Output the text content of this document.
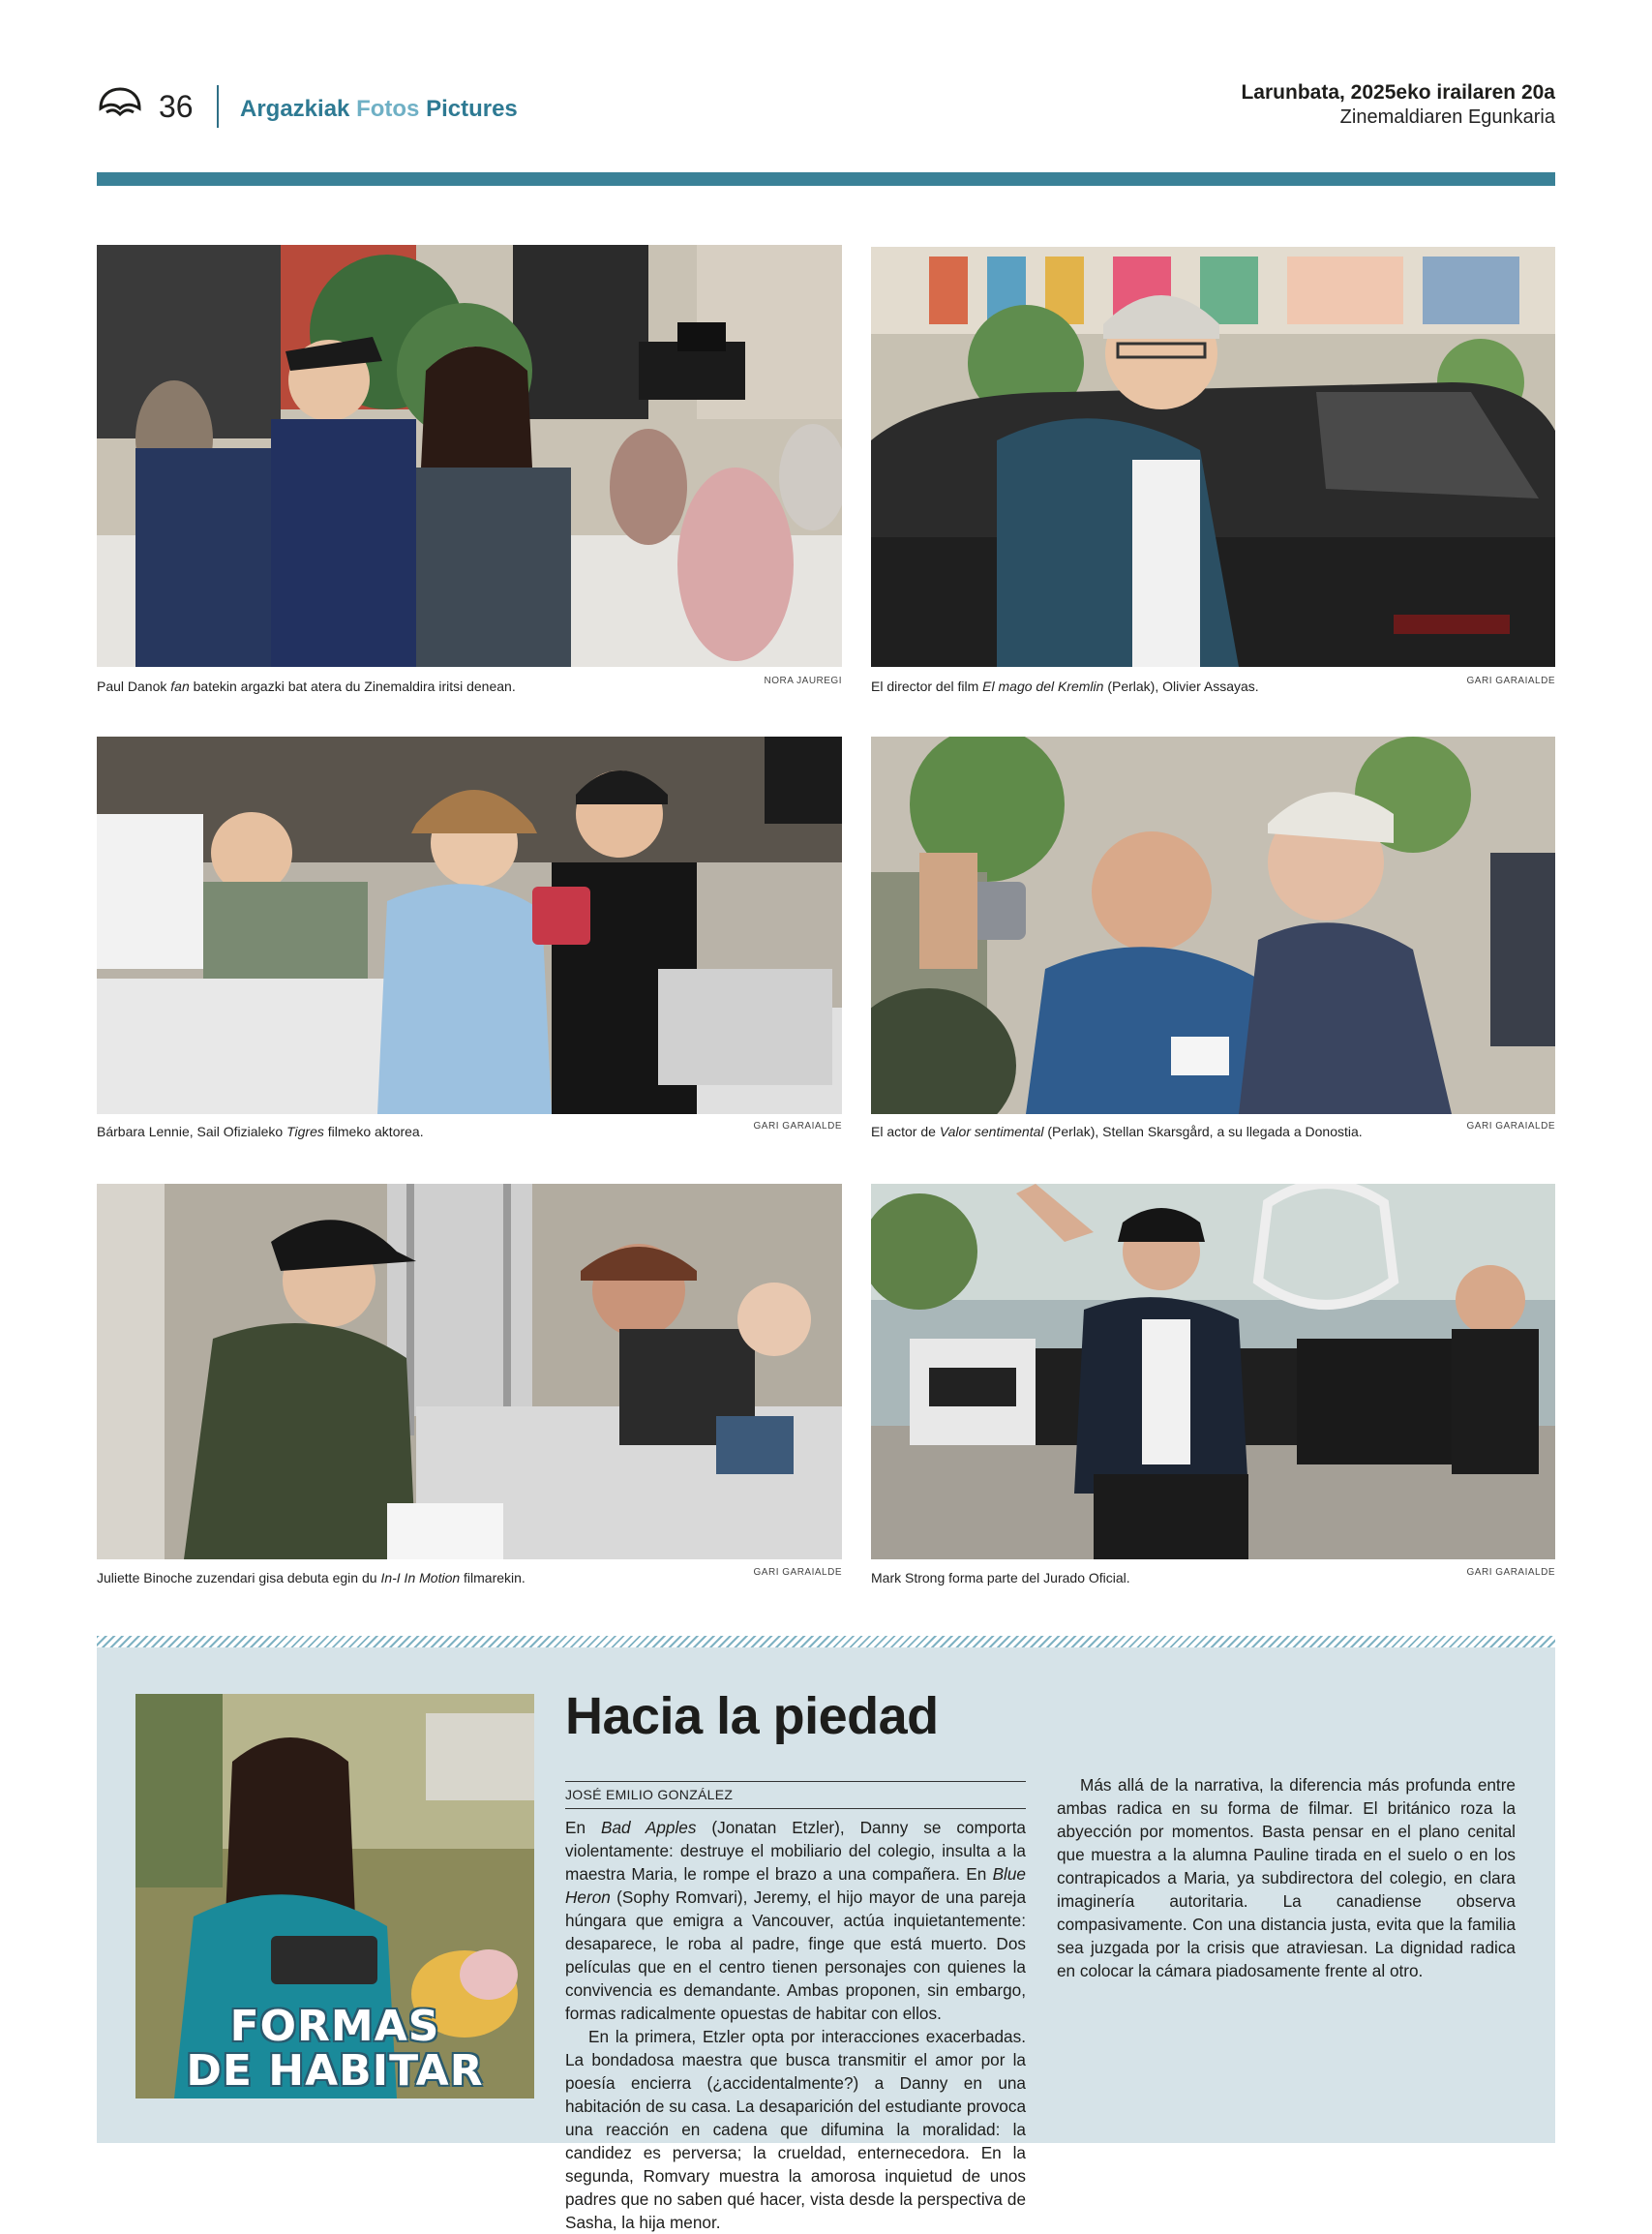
36 Argazkiak Fotos Pictures
Larunbata, 2025eko irailaren 20a
Zinemaldiaren Egunkaria
Paul Danok fan batekin argazki bat atera du Zinemaldira iritsi denean.	NORA JAUREGI El director del film El mago del Kremlin (Perlak), Olivier Assayas.	GARI GARAIALDE
Bárbara Lennie, Sail Ofizialeko Tigres filmeko aktorea.	GARI GARAIALDE El actor de Valor sentimental (Perlak), Stellan Skarsgård, a su llegada a Donostia.	GARI GARAIALDE
Juliette Binoche zuzendari gisa debuta egin du In-I In Motion filmarekin.	GARI GARAIALDE Mark Strong forma parte del Jurado Oficial.	GARI GARAIALDE
FORMAS
DE HABITAR
Hacia la piedad
JOSÉ EMILIO GONZÁLEZ

En Bad Apples (Jonatan Etzler), Danny se comporta violentamente: destruye el mobiliario del colegio, insulta a la maestra Maria, le rompe el brazo a una compañera. En Blue Heron (Sophy Romvari), Jeremy, el hijo mayor de una pareja húngara que emigra a Vancouver, actúa inquietantemente: desaparece, le roba al padre, finge que está muerto. Dos películas que en el centro tienen personajes con quienes la convivencia es demandante. Ambas proponen, sin embargo, formas radicalmente opuestas de habitar con ellos.

En la primera, Etzler opta por interacciones exacerbadas. La bondadosa maestra que busca transmitir el amor por la poesía encierra (¿accidentalmente?) a Danny en una habitación de su casa. La desaparición del estudiante provoca una reacción en cadena que difumina la moralidad: la candidez es perversa; la crueldad, enternecedora. En la segunda, Romvary muestra la amorosa inquietud de unos padres que no saben qué hacer, vista desde la perspectiva de Sasha, la hija menor.

Más allá de la narrativa, la diferencia más profunda entre ambas radica en su forma de filmar. El británico roza la abyección por momentos. Basta pensar en el plano cenital que muestra a la alumna Pauline tirada en el suelo o en los contrapicados a Maria, ya subdirectora del colegio, en clara imaginería autoritaria. La canadiense observa compasivamente. Con una distancia justa, evita que la familia sea juzgada por la crisis que atraviesan. La dignidad radica en colocar la cámara piadosamente frente al otro.
